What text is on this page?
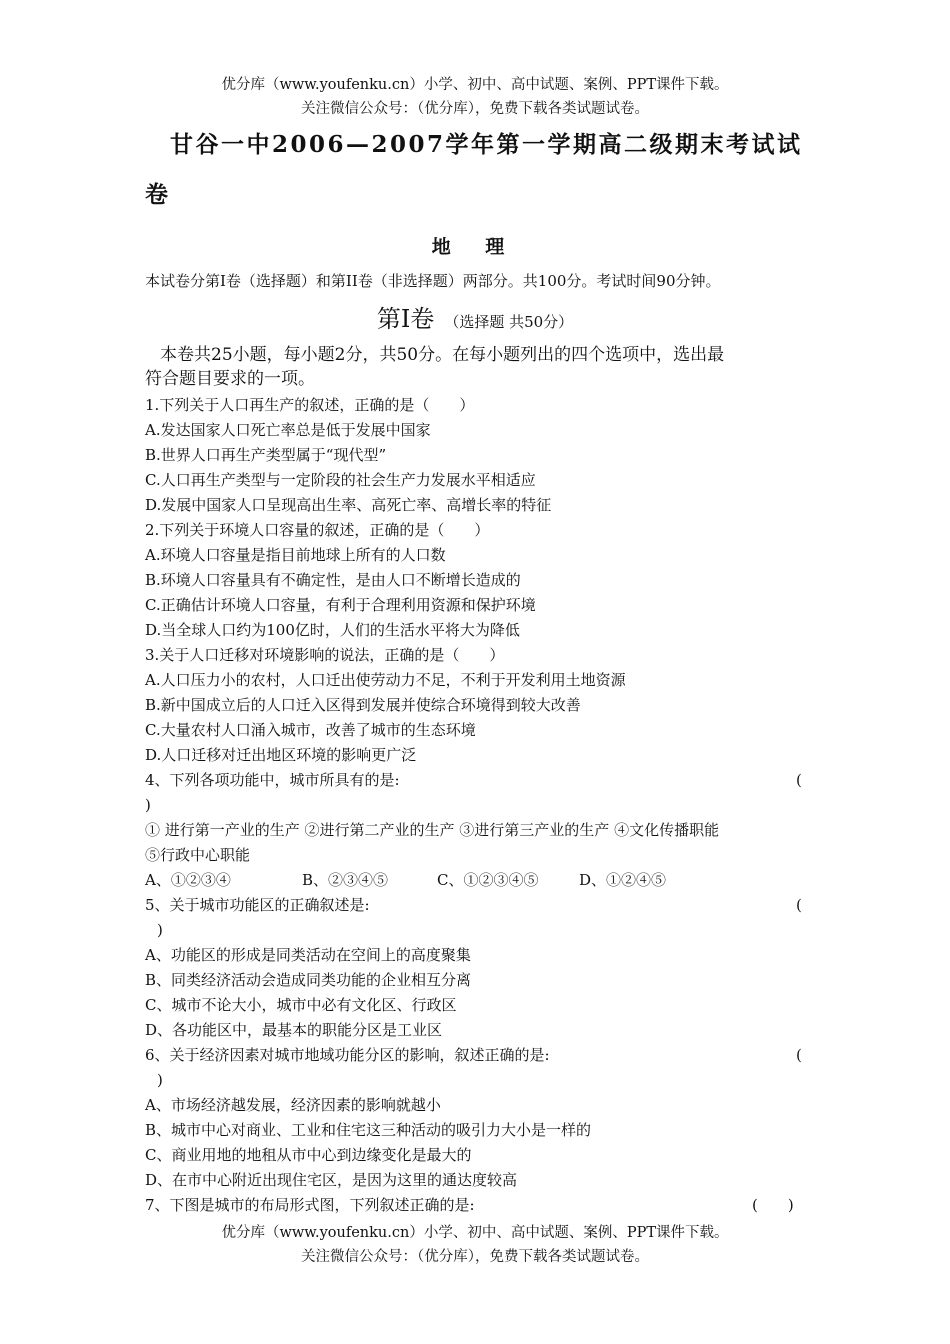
优分库（www.youfenku.cn）小学、初中、高中试题、案例、PPT课件下载。
关注微信公众号：（优分库），免费下载各类试题试卷。
甘谷一中2006—2007学年第一学期高二级期末考试试
卷
地 理
本试卷分第I卷（选择题）和第II卷（非选择题）两部分。共100分。考试时间90分钟。
第I卷 （选择题 共50分）
本卷共25小题，每小题2分，共50分。在每小题列出的四个选项中，选出最
符合题目要求的一项。
1.下列关于人口再生产的叙述，正确的是（　　）
A.发达国家人口死亡率总是低于发展中国家
B.世界人口再生产类型属于“现代型”
C.人口再生产类型与一定阶段的社会生产力发展水平相适应
D.发展中国家人口呈现高出生率、高死亡率、高增长率的特征
2.下列关于环境人口容量的叙述，正确的是（　　）
A.环境人口容量是指目前地球上所有的人口数
B.环境人口容量具有不确定性，是由人口不断增长造成的
C.正确估计环境人口容量，有利于合理利用资源和保护环境
D.当全球人口约为100亿时，人们的生活水平将大为降低
3.关于人口迁移对环境影响的说法，正确的是（　　）
A.人口压力小的农村，人口迁出使劳动力不足，不利于开发利用土地资源
B.新中国成立后的人口迁入区得到发展并使综合环境得到较大改善
C.大量农村人口涌入城市，改善了城市的生态环境
D.人口迁移对迁出地区环境的影响更广泛
4、下列各项功能中，城市所具有的是:	(
)
① 进行第一产业的生产 ②进行第二产业的生产 ③进行第三产业的生产 ④文化传播职能
⑤行政中心职能
A、①②③④	B、②③④⑤	C、①②③④⑤	D、①②④⑤
5、关于城市功能区的正确叙述是:	(
)
A、功能区的形成是同类活动在空间上的高度聚集
B、同类经济活动会造成同类功能的企业相互分离
C、城市不论大小，城市中必有文化区、行政区
D、各功能区中，最基本的职能分区是工业区
6、关于经济因素对城市地域功能分区的影响，叙述正确的是:	(
)
A、市场经济越发展，经济因素的影响就越小
B、城市中心对商业、工业和住宅这三种活动的吸引力大小是一样的
C、商业用地的地租从市中心到边缘变化是最大的
D、在市中心附近出现住宅区，是因为这里的通达度较高
7、下图是城市的布局形式图，下列叙述正确的是:	(　　)
优分库（www.youfenku.cn）小学、初中、高中试题、案例、PPT课件下载。
关注微信公众号：（优分库），免费下载各类试题试卷。
